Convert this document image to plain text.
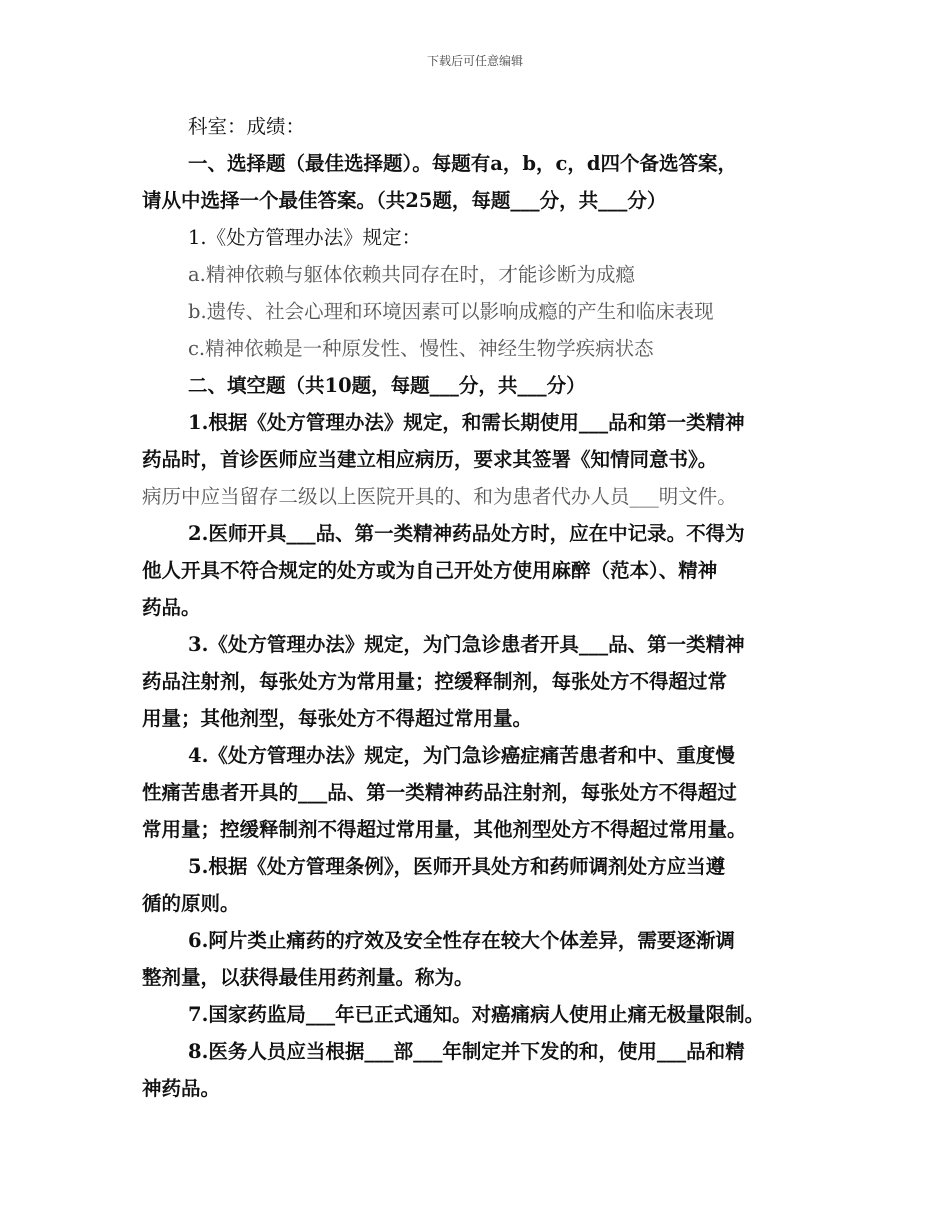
下载后可任意编辑

科室：成绩：

一、选择题（最佳选择题）。每题有a，b，c，d四个备选答案，

请从中选择一个最佳答案。（共25题，每题___分，共___分）

1.《处方管理办法》规定：

a.精神依赖与躯体依赖共同存在时，才能诊断为成瘾

b.遗传、社会心理和环境因素可以影响成瘾的产生和临床表现

c.精神依赖是一种原发性、慢性、神经生物学疾病状态

二、填空题（共10题，每题___分，共___分）

1.根据《处方管理办法》规定，和需长期使用___品和第一类精神

药品时，首诊医师应当建立相应病历，要求其签署《知情同意书》。

病历中应当留存二级以上医院开具的、和为患者代办人员___明文件。

2.医师开具___品、第一类精神药品处方时，应在中记录。不得为

他人开具不符合规定的处方或为自己开处方使用麻醉（范本）、精神

药品。

3.《处方管理办法》规定，为门急诊患者开具___品、第一类精神

药品注射剂，每张处方为常用量；控缓释制剂，每张处方不得超过常

用量；其他剂型，每张处方不得超过常用量。

4.《处方管理办法》规定，为门急诊癌症痛苦患者和中、重度慢

性痛苦患者开具的___品、第一类精神药品注射剂，每张处方不得超过

常用量；控缓释制剂不得超过常用量，其他剂型处方不得超过常用量。

5.根据《处方管理条例》，医师开具处方和药师调剂处方应当遵

循的原则。

6.阿片类止痛药的疗效及安全性存在较大个体差异，需要逐渐调

整剂量，以获得最佳用药剂量。称为。

7.国家药监局___年已正式通知。对癌痛病人使用止痛无极量限制。

8.医务人员应当根据___部___年制定并下发的和，使用___品和精

神药品。
